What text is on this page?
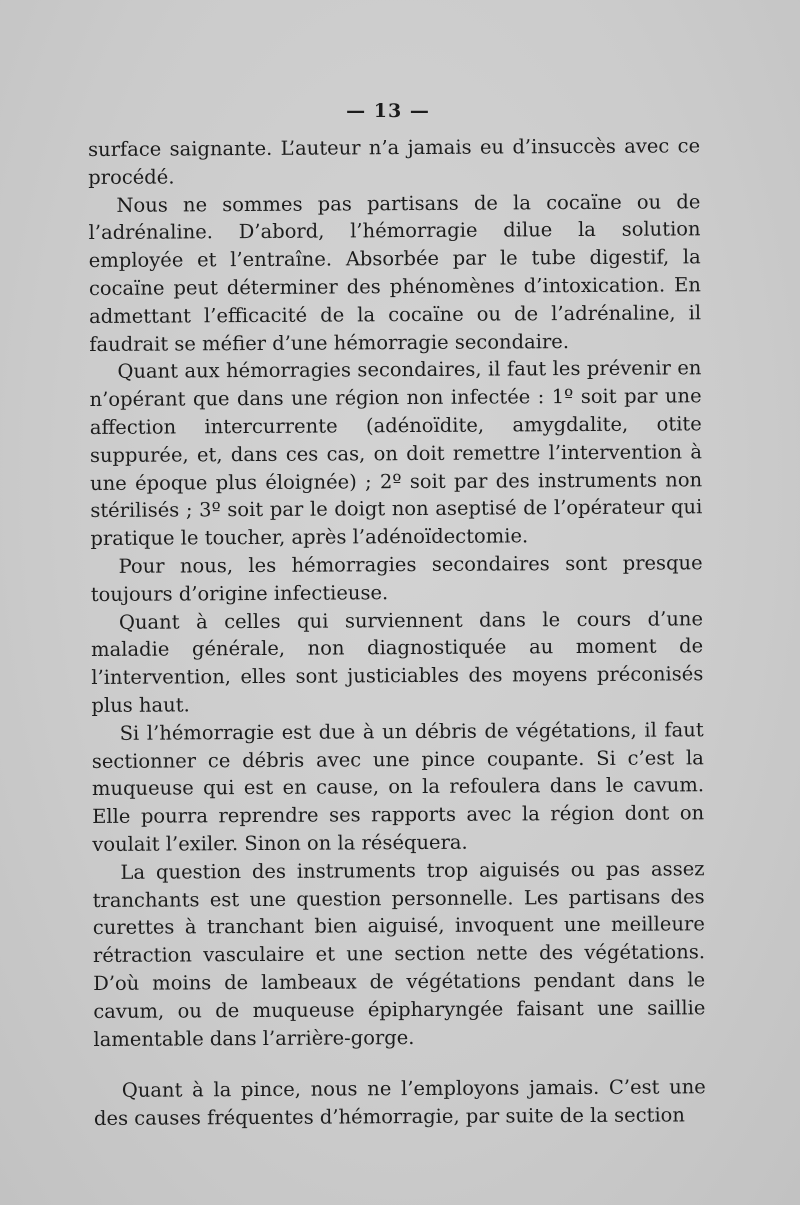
— 13 —

surface saignante. L’auteur n’a jamais eu d’insuccès avec ce procédé.

Nous ne sommes pas partisans de la cocaïne ou de l’adrénaline. D’abord, l’hémorragie dilue la solution employée et l’entraîne. Absorbée par le tube digestif, la cocaïne peut déterminer des phénomènes d’intoxication. En admettant l’efficacité de la cocaïne ou de l’adrénaline, il faudrait se méfier d’une hémorragie secondaire.

Quant aux hémorragies secondaires, il faut les prévenir en n’opérant que dans une région non infectée : 1º soit par une affection intercurrente (adénoïdite, amygdalite, otite suppurée, et, dans ces cas, on doit remettre l’intervention à une époque plus éloignée) ; 2º soit par des instruments non stérilisés ; 3º soit par le doigt non aseptisé de l’opérateur qui pratique le toucher, après l’adénoïdectomie.

Pour nous, les hémorragies secondaires sont presque toujours d’origine infectieuse.

Quant à celles qui surviennent dans le cours d’une maladie générale, non diagnostiquée au moment de l’intervention, elles sont justiciables des moyens préconisés plus haut.

Si l’hémorragie est due à un débris de végétations, il faut sectionner ce débris avec une pince coupante. Si c’est la muqueuse qui est en cause, on la refoulera dans le cavum. Elle pourra reprendre ses rapports avec la région dont on voulait l’exiler. Sinon on la réséquera.

La question des instruments trop aiguisés ou pas assez tranchants est une question personnelle. Les partisans des curettes à tranchant bien aiguisé, invoquent une meilleure rétraction vasculaire et une section nette des végétations. D’où moins de lambeaux de végétations pendant dans le cavum, ou de muqueuse épipharyngée faisant une saillie lamentable dans l’arrière-gorge.

Quant à la pince, nous ne l’employons jamais. C’est une des causes fréquentes d’hémorragie, par suite de la section
